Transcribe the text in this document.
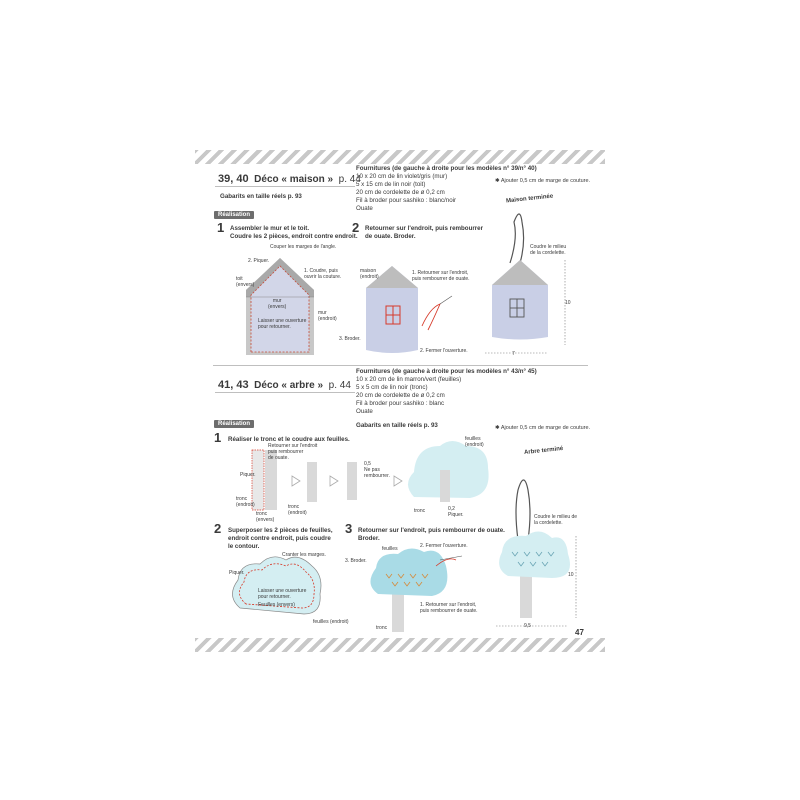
39, 40 Déco « maison » p. 44
Gabarits en taille réels p. 93
Fournitures (de gauche à droite pour les modèles n° 39/n° 40)
10 x 20 cm de lin violet/gris (mur)
5 x 15 cm de lin noir (toit)
20 cm de cordelette de ø 0,2 cm
Fil à broder pour sashiko : blanc/noir
Ouate
✱ Ajouter 0,5 cm de marge de couture.
Réalisation
1 Assembler le mur et le toit.
Coudre les 2 pièces, endroit contre endroit.
2 Retourner sur l'endroit, puis rembourrer
de ouate. Broder.
Couper les marges de l'angle.
2. Piquer.
toit
(envers)
1. Coudre, puis
ouvrir la couture.
mur
(envers)
mur
(endroit)
Laisser une ouverture
pour retourner.
maison
(endroit)
1. Retourner sur l'endroit,
puis rembourrer de ouate.
3. Broder.
2. Fermer l'ouverture.
Maison terminée
Coudre le milieu
de la cordelette.
10
7
41, 43 Déco « arbre » p. 44
Fournitures (de gauche à droite pour les modèles n° 43/n° 45)
10 x 20 cm de lin marron/vert (feuilles)
5 x 5 cm de lin noir (tronc)
20 cm de cordelette de ø 0,2 cm
Fil à broder pour sashiko : blanc
Ouate
Gabarits en taille réels p. 93	✱ Ajouter 0,5 cm de marge de couture.
Réalisation
1 Réaliser le tronc et le coudre aux feuilles.
Retourner sur l'endroit
puis rembourrer
de ouate.
Piquer.
tronc
(endroit)	tronc
(endroit)
tronc
(envers)
0,5
Ne pas
rembourrer.
feuilles
(endroit)
tronc	0,2
Piquer.
2 Superposer les 2 pièces de feuilles,
endroit contre endroit, puis coudre
le contour.
Cranter les marges.
Piquer.
Laisser une ouverture
pour retourner.
Feuilles (envers)
feuilles (endroit)
3 Retourner sur l'endroit, puis rembourrer de ouate.
Broder.
feuilles	2. Fermer l'ouverture.
3. Broder.
1. Retourner sur l'endroit,
puis rembourrer de ouate.
tronc
Arbre terminé
Coudre le milieu de
la cordelette.
10
9,5
47
